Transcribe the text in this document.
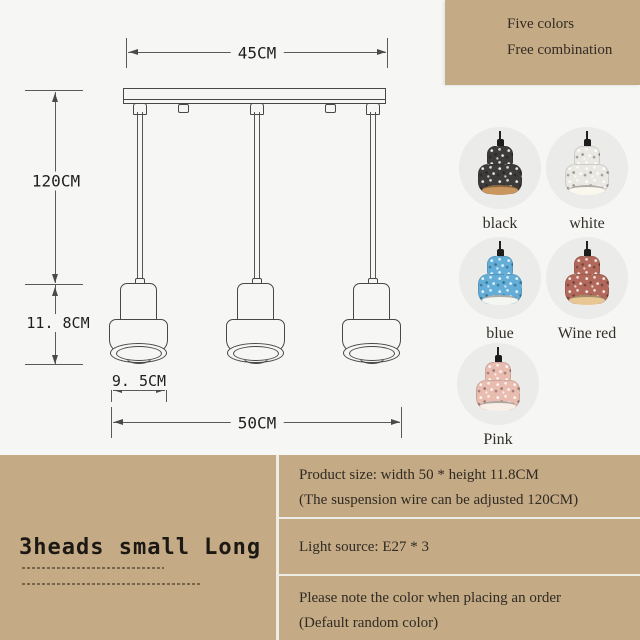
Five colors
Free combination
45CM
120CM
11. 8CM
9. 5CM
50CM
black	white
blue	Wine red
Pink
3heads small Long

Product size: width 50 * height 11.8CM

(The suspension wire can be adjusted 120CM)

Light source: E27 * 3

Please note the color when placing an order

(Default random color)
